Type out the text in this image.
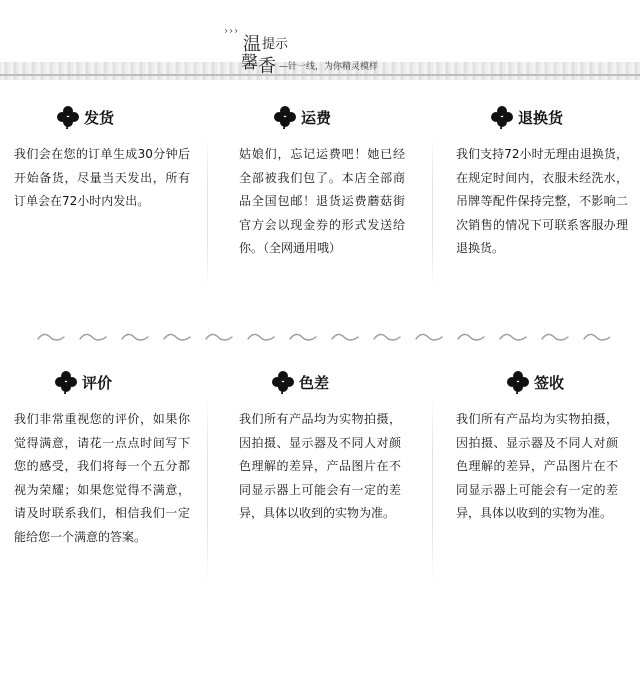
›››
温 提示
馨 香 —针一线，为你精灵模样
发货

我们会在您的订单生成30分钟后开始备货，尽量当天发出，所有订单会在72小时内发出。

运费

姑娘们，忘记运费吧！她已经全部被我们包了。本店全部商品全国包邮！退货运费蘑菇街官方会以现金券的形式发送给你。（全网通用哦）

退换货

我们支持72小时无理由退换货，在规定时间内，衣服未经洗水，吊牌等配件保持完整，不影响二次销售的情况下可联系客服办理退换货。

评价

我们非常重视您的评价，如果你觉得满意，请花一点点时间写下您的感受，我们将每一个五分都视为荣耀；如果您觉得不满意，请及时联系我们，相信我们一定能给您一个满意的答案。

色差

我们所有产品均为实物拍摄，因拍摄、显示器及不同人对颜色理解的差异，产品图片在不同显示器上可能会有一定的差异，具体以收到的实物为准。

签收

我们所有产品均为实物拍摄，因拍摄、显示器及不同人对颜色理解的差异，产品图片在不同显示器上可能会有一定的差异，具体以收到的实物为准。
